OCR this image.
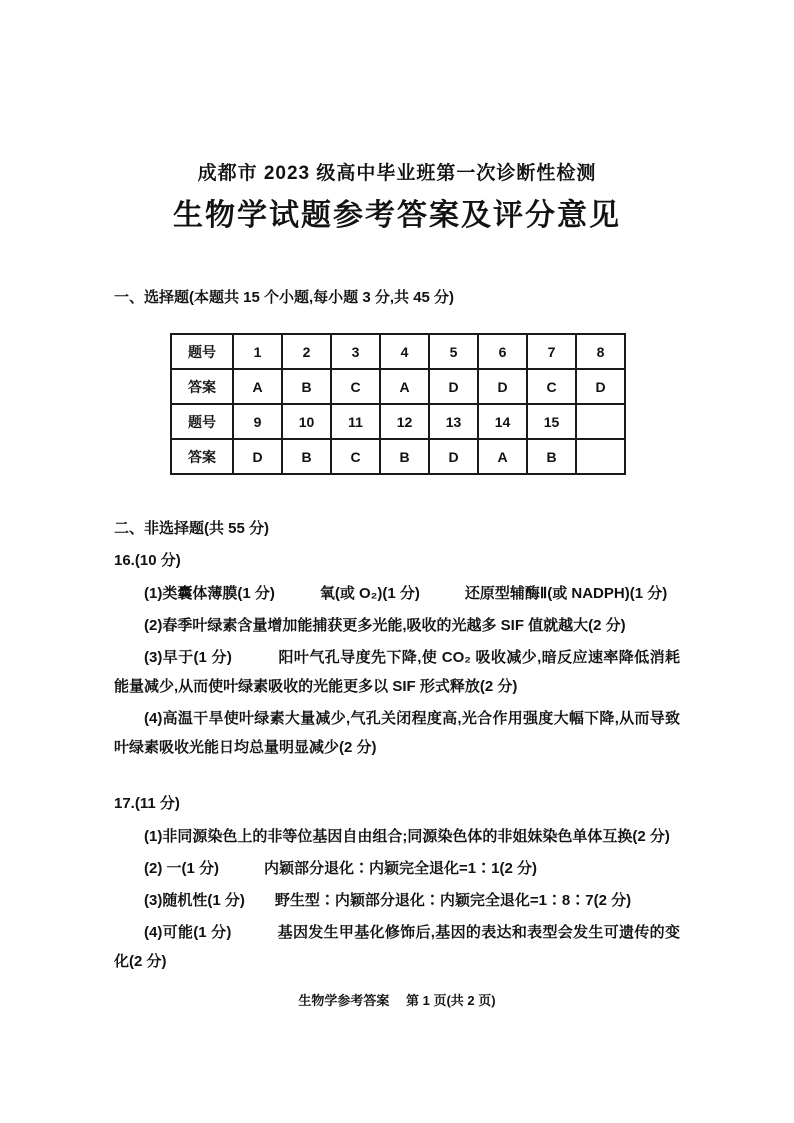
成都市 2023 级高中毕业班第一次诊断性检测
生物学试题参考答案及评分意见
一、选择题(本题共 15 个小题,每小题 3 分,共 45 分)
题号	1	2	3	4	5	6	7	8
答案	A	B	C	A	D	D	C	D
题号	9	10	11	12	13	14	15	
答案	D	B	C	B	D	A	B	
二、非选择题(共 55 分)
16.(10 分)

(1)类囊体薄膜(1 分)　　　氧(或 O₂)(1 分)　　　还原型辅酶Ⅱ(或 NADPH)(1 分)

(2)春季叶绿素含量增加能捕获更多光能,吸收的光越多 SIF 值就越大(2 分)

(3)早于(1 分)　　　阳叶气孔导度先下降,使 CO₂ 吸收减少,暗反应速率降低消耗能量减少,从而使叶绿素吸收的光能更多以 SIF 形式释放(2 分)

(4)高温干旱使叶绿素大量减少,气孔关闭程度高,光合作用强度大幅下降,从而导致叶绿素吸收光能日均总量明显减少(2 分)

17.(11 分)

(1)非同源染色上的非等位基因自由组合;同源染色体的非姐妹染色单体互换(2 分)

(2) 一(1 分)　　　内颖部分退化∶内颖完全退化=1∶1(2 分)

(3)随机性(1 分)　　野生型∶内颖部分退化∶内颖完全退化=1∶8∶7(2 分)

(4)可能(1 分)　　　基因发生甲基化修饰后,基因的表达和表型会发生可遗传的变化(2 分)

生物学参考答案　 第 1 页(共 2 页)
